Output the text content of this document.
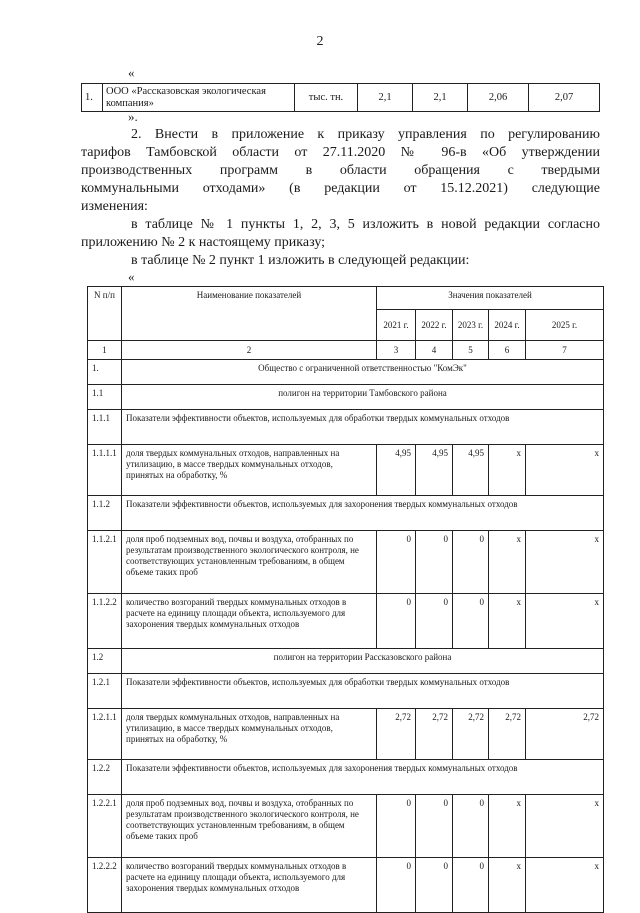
2
«
1.	ООО «Рассказовская экологическая компания»	тыс. тн.	2,1	2,1	2,06	2,07
».
2. Внести в приложение к приказу управления по регулированию
тарифов Тамбовской области от 27.11.2020 № 96-в «Об утверждении
производственных программ в области обращения с твердыми
коммунальными отходами» (в редакции от 15.12.2021) следующие
изменения:
в таблице № 1 пункты 1, 2, 3, 5 изложить в новой редакции согласно
приложению № 2 к настоящему приказу;
в таблице № 2 пункт 1 изложить в следующей редакции:
«
N п/п	Наименование показателей	Значения показателей				
		2021 г.	2022 г.	2023 г.	2024 г.	2025 г.
1	2	3	4	5	6	7
1.	Общество с ограниченной ответственностью "КомЭк"					
1.1	полигон на территории Тамбовского района					
1.1.1	Показатели эффективности объектов, используемых для обработки твердых коммунальных отходов					
1.1.1.1	доля твердых коммунальных отходов, направленных на утилизацию, в массе твердых коммунальных отходов, принятых на обработку, %	4,95	4,95	4,95	x	x
1.1.2	Показатели эффективности объектов, используемых для захоронения твердых коммунальных отходов					
1.1.2.1	доля проб подземных вод, почвы и воздуха, отобранных по результатам производственного экологического контроля, не соответствующих установленным требованиям, в общем объеме таких проб	0	0	0	x	x
1.1.2.2	количество возгораний твердых коммунальных отходов в расчете на единицу площади объекта, используемого для захоронения твердых коммунальных отходов	0	0	0	x	x
1.2	полигон на территории Рассказовского района					
1.2.1	Показатели эффективности объектов, используемых для обработки твердых коммунальных отходов					
1.2.1.1	доля твердых коммунальных отходов, направленных на утилизацию, в массе твердых коммунальных отходов, принятых на обработку, %	2,72	2,72	2,72	2,72	2,72
1.2.2	Показатели эффективности объектов, используемых для захоронения твердых коммунальных отходов					
1.2.2.1	доля проб подземных вод, почвы и воздуха, отобранных по результатам производственного экологического контроля, не соответствующих установленным требованиям, в общем объеме таких проб	0	0	0	x	x
1.2.2.2	количество возгораний твердых коммунальных отходов в расчете на единицу площади объекта, используемого для захоронения твердых коммунальных отходов	0	0	0	x	x
